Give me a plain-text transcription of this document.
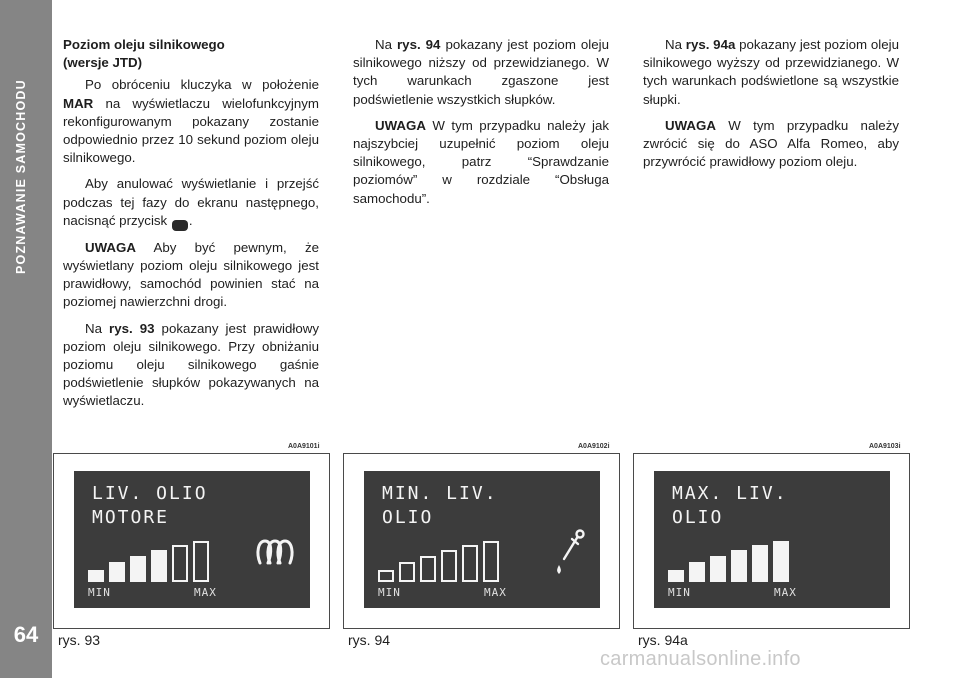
POZNAWANIE SAMOCHODU
64
Poziom oleju silnikowego
(wersje JTD)

Po obróceniu kluczyka w położenie MAR na wyświetlaczu wielofunkcyjnym rekonfigurowanym pokazany zostanie odpowiednio przez 10 sekund poziom oleju silnikowego.

Aby anulować wyświetlanie i przejść podczas tej fazy do ekranu następnego, nacisnąć przycisk	MODE.

UWAGA Aby być pewnym, że wyświetlany poziom oleju silnikowego jest prawidłowy, samochód powinien stać na poziomej nawierzchni drogi.

Na rys. 93 pokazany jest prawidłowy poziom oleju silnikowego. Przy obniżaniu poziomu oleju silnikowego gaśnie podświetlenie słupków pokazywanych na wyświetlaczu.

Na rys. 94 pokazany jest poziom oleju silnikowego niższy od przewidzianego. W tych warunkach zgaszone jest podświetlenie wszystkich słupków.

UWAGA W tym przypadku należy jak najszybciej uzupełnić poziom oleju silnikowego, patrz “Sprawdzanie poziomów” w rozdziale “Obsługa samochodu”.

Na rys. 94a pokazany jest poziom oleju silnikowego wyższy od przewidzianego. W tych warunkach podświetlone są wszystkie słupki.

UWAGA W tym przypadku należy zwrócić się do ASO Alfa Romeo, aby przywrócić prawidłowy poziom oleju.

A0A9101i	A0A9102i	A0A9103i
LIV. OLIO
MOTORE
MIN	MAX
MIN. LIV.
OLIO
MIN	MAX
MAX. LIV.
OLIO
MIN	MAX
rys. 93	rys. 94	rys. 94a
carmanualsonline.info
